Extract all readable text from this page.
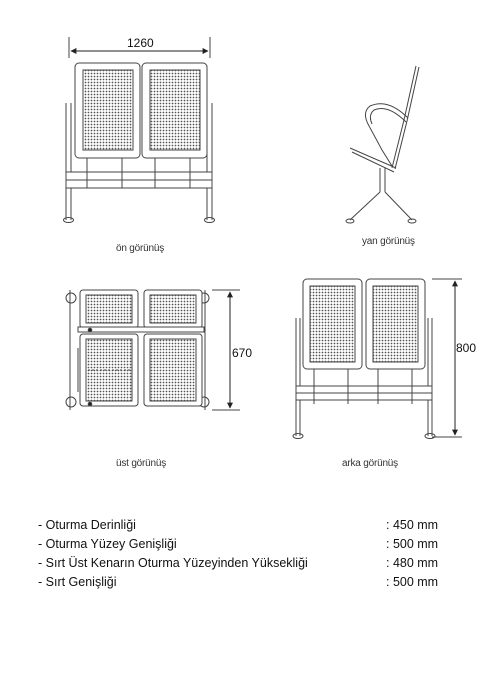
ön görünüş
yan görünüş
üst görünüş	arka görünüş
1260
670	800
- Oturma Derinliği	: 450 mm
- Oturma Yüzey Genişliği	: 500 mm
- Sırt Üst Kenarın Oturma Yüzeyinden Yüksekliği	: 480 mm
- Sırt Genişliği	: 500 mm
